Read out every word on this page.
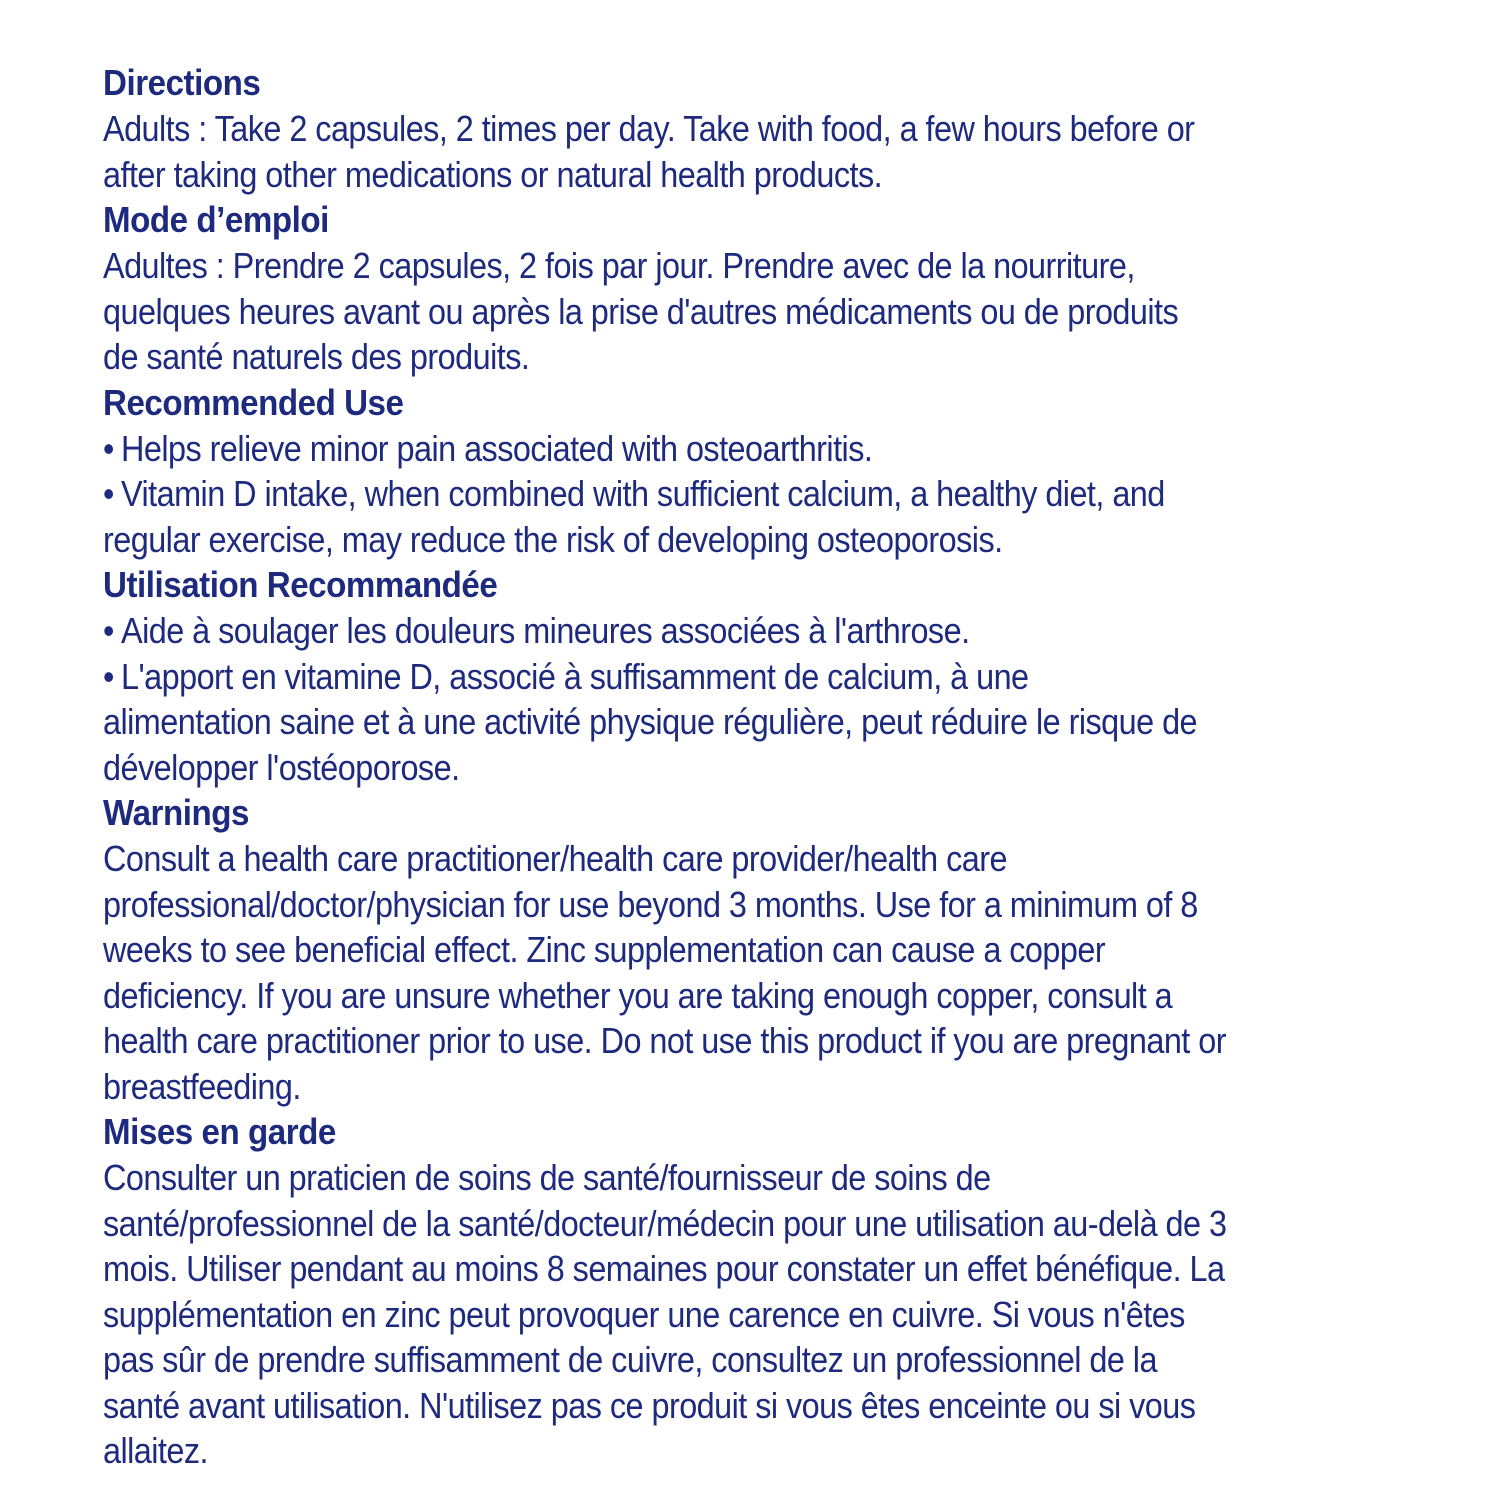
Directions

Adults : Take 2 capsules, 2 times per day. Take with food, a few hours before or

after taking other medications or natural health products.

Mode d’emploi

Adultes : Prendre 2 capsules, 2 fois par jour. Prendre avec de la nourriture,

quelques heures avant ou après la prise d'autres médicaments ou de produits

de santé naturels des produits.

Recommended Use

• Helps relieve minor pain associated with osteoarthritis.

• Vitamin D intake, when combined with sufficient calcium, a healthy diet, and

regular exercise, may reduce the risk of developing osteoporosis.

Utilisation Recommandée

• Aide à soulager les douleurs mineures associées à l'arthrose.

• L'apport en vitamine D, associé à suffisamment de calcium, à une

alimentation saine et à une activité physique régulière, peut réduire le risque de

développer l'ostéoporose.

Warnings

Consult a health care practitioner/health care provider/health care

professional/doctor/physician for use beyond 3 months. Use for a minimum of 8

weeks to see beneficial effect. Zinc supplementation can cause a copper

deficiency. If you are unsure whether you are taking enough copper, consult a

health care practitioner prior to use. Do not use this product if you are pregnant or

breastfeeding.

Mises en garde

Consulter un praticien de soins de santé/fournisseur de soins de

santé/professionnel de la santé/docteur/médecin pour une utilisation au-delà de 3

mois. Utiliser pendant au moins 8 semaines pour constater un effet bénéfique. La

supplémentation en zinc peut provoquer une carence en cuivre. Si vous n'êtes

pas sûr de prendre suffisamment de cuivre, consultez un professionnel de la

santé avant utilisation. N'utilisez pas ce produit si vous êtes enceinte ou si vous

allaitez.
